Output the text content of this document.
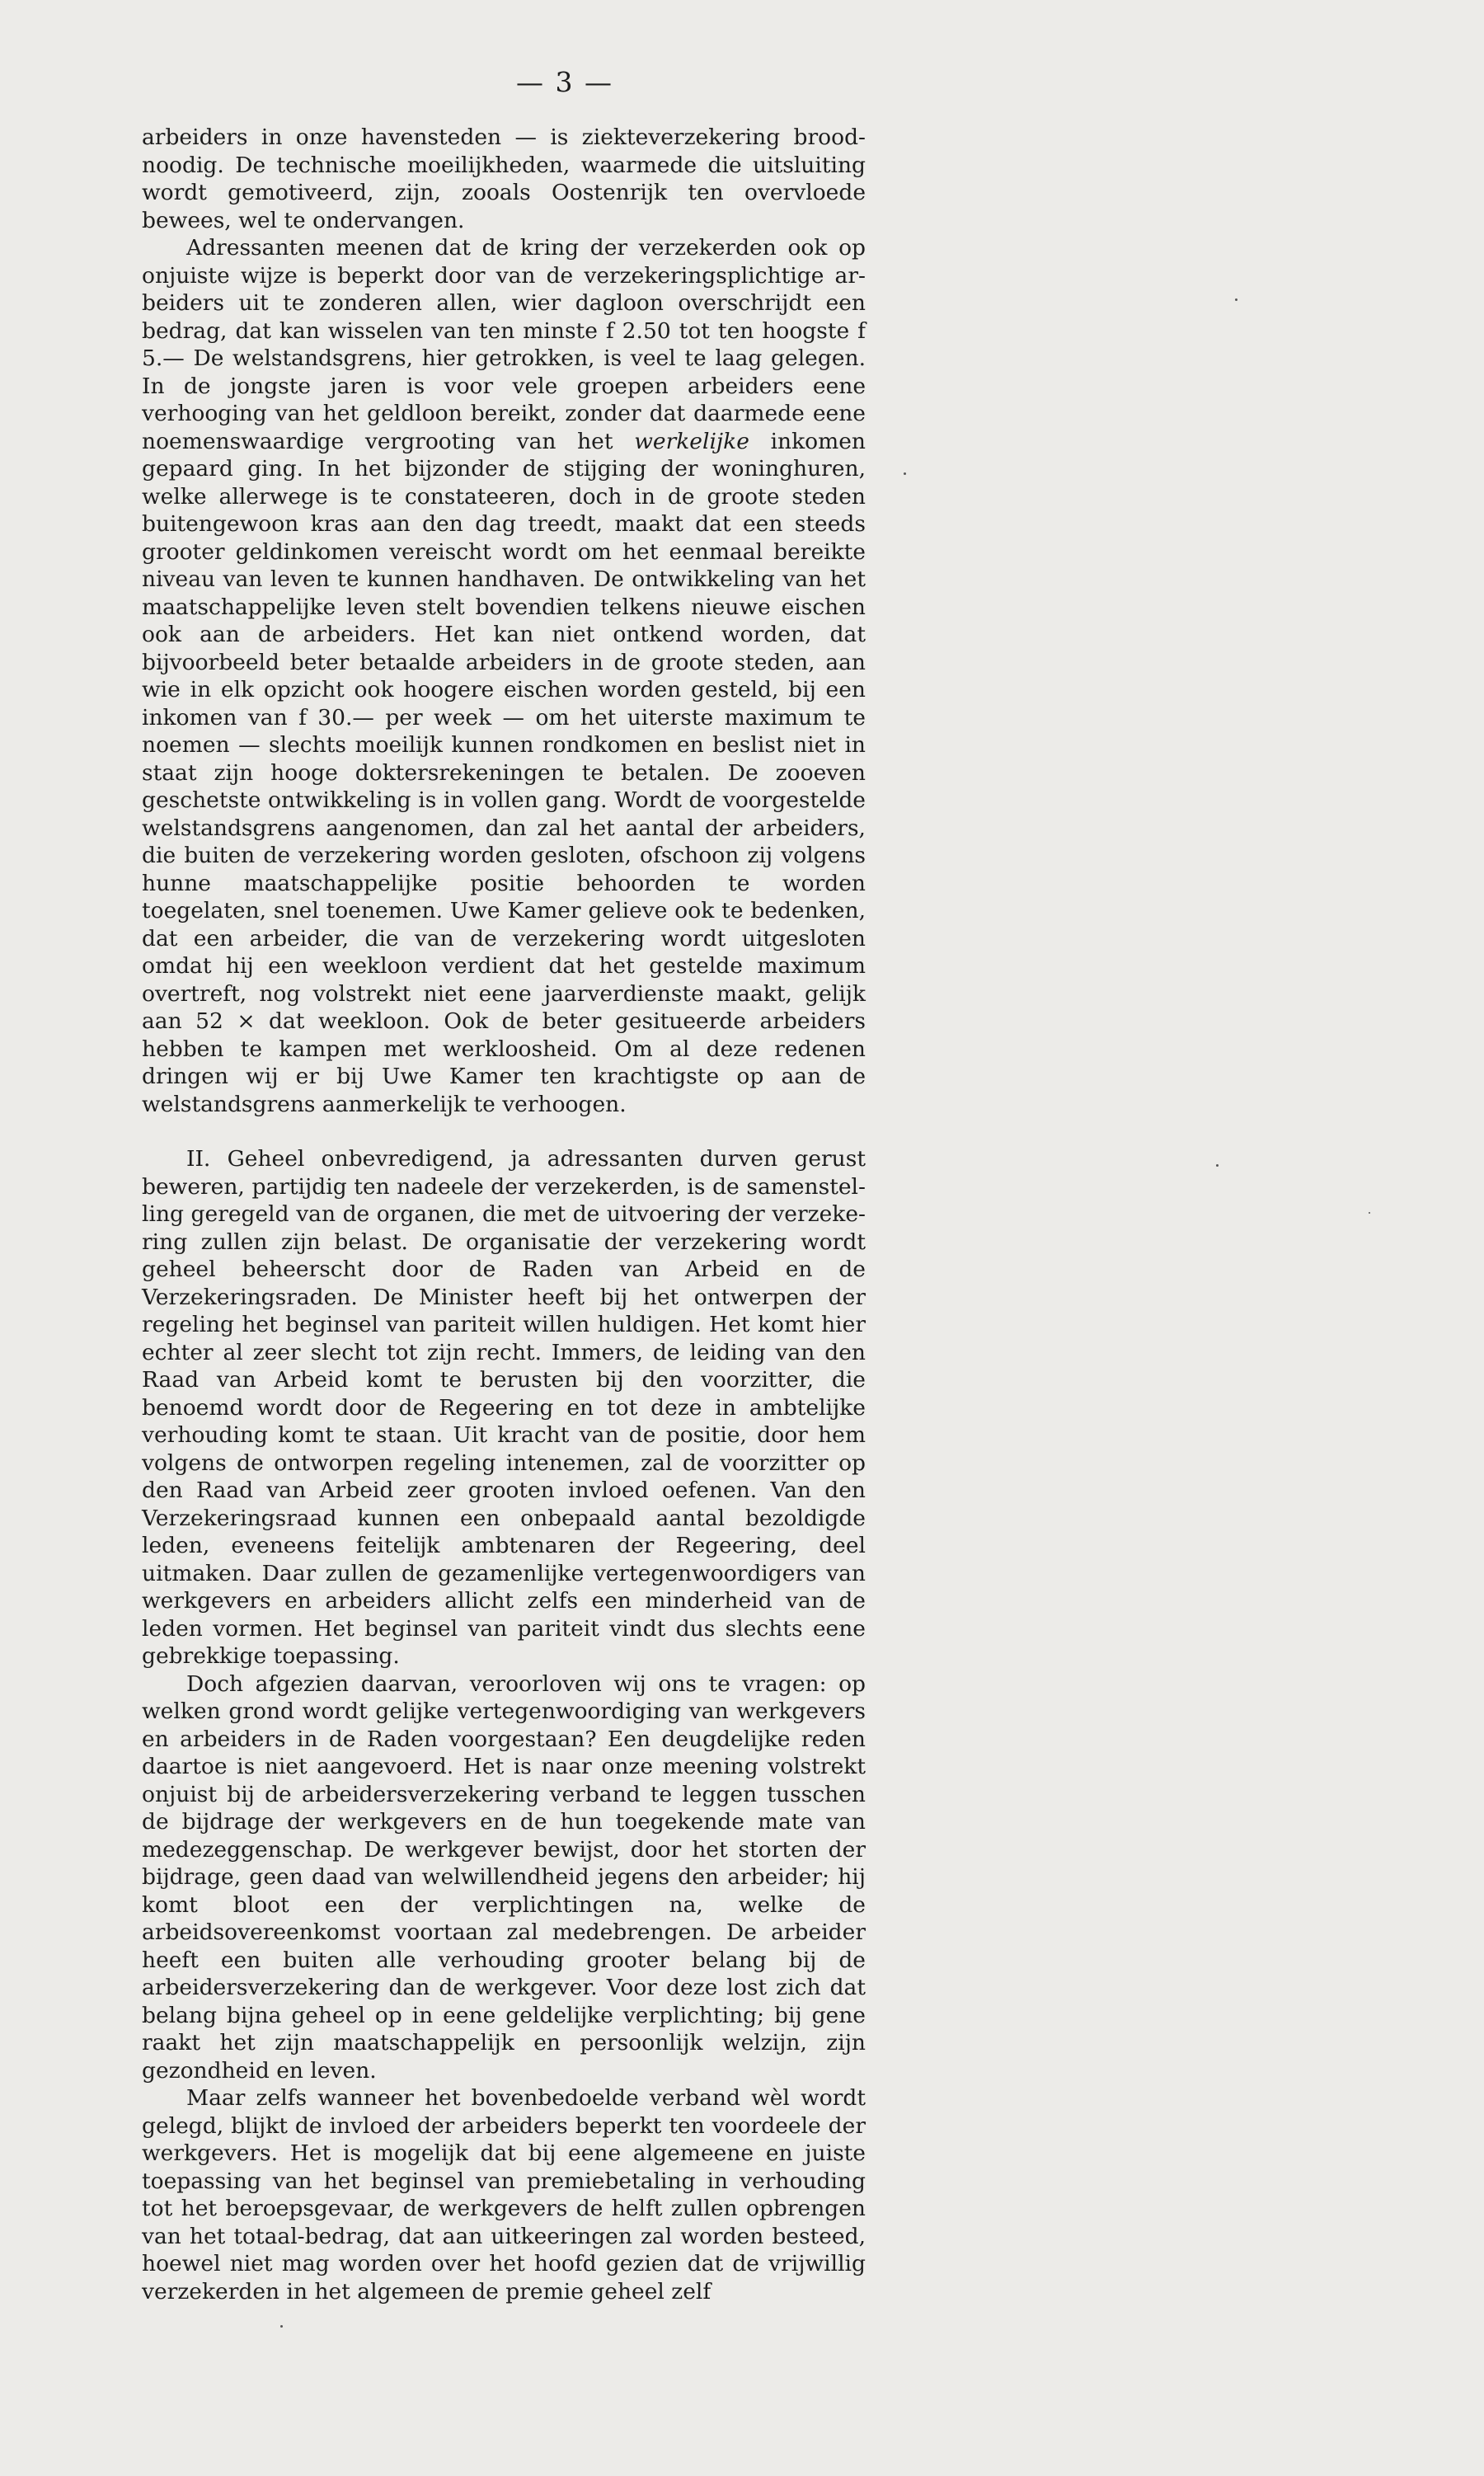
— 3 —

arbeiders in onze havensteden — is ziekteverzekering broodnoodig. De technische moeilijkheden, waarmede die uitsluiting wordt gemotiveerd, zijn, zooals Oostenrijk ten overvloede bewees, wel te ondervangen.

Adressanten meenen dat de kring der verzekerden ook op onjuiste wijze is beperkt door van de verzekeringsplichtige arbeiders uit te zonderen allen, wier dagloon overschrijdt een bedrag, dat kan wisselen van ten minste f 2.50 tot ten hoogste f 5.— De welstandsgrens, hier getrokken, is veel te laag gelegen. In de jongste jaren is voor vele groepen arbeiders eene verhooging van het geldloon bereikt, zonder dat daarmede eene noemenswaardige vergrooting van het werkelijke inkomen gepaard ging. In het bijzonder de stijging der woninghuren, welke allerwege is te constateeren, doch in de groote steden buitengewoon kras aan den dag treedt, maakt dat een steeds grooter geldinkomen vereischt wordt om het eenmaal bereikte niveau van leven te kunnen handhaven. De ontwikkeling van het maatschappelijke leven stelt bovendien telkens nieuwe eischen ook aan de arbeiders. Het kan niet ontkend worden, dat bijvoorbeeld beter betaalde arbeiders in de groote steden, aan wie in elk opzicht ook hoogere eischen worden gesteld, bij een inkomen van f 30.— per week — om het uiterste maximum te noemen — slechts moeilijk kunnen rondkomen en beslist niet in staat zijn hooge doktersrekeningen te betalen. De zooeven geschetste ontwikkeling is in vollen gang. Wordt de voorgestelde welstandsgrens aangenomen, dan zal het aantal der arbeiders, die buiten de verzekering worden gesloten, ofschoon zij volgens hunne maatschappelijke positie behoorden te worden toegelaten, snel toenemen. Uwe Kamer gelieve ook te bedenken, dat een arbeider, die van de verzekering wordt uitgesloten omdat hij een weekloon verdient dat het gestelde maximum overtreft, nog volstrekt niet eene jaarverdienste maakt, gelijk aan 52 × dat weekloon. Ook de beter gesitueerde arbeiders hebben te kampen met werkloosheid. Om al deze redenen dringen wij er bij Uwe Kamer ten krachtigste op aan de welstandsgrens aanmerkelijk te verhoogen.

II. Geheel onbevredigend, ja adressanten durven gerust beweren, partijdig ten nadeele der verzekerden, is de samenstelling geregeld van de organen, die met de uitvoering der verzekering zullen zijn belast. De organisatie der verzekering wordt geheel beheerscht door de Raden van Arbeid en de Verzekeringsraden. De Minister heeft bij het ontwerpen der regeling het beginsel van pariteit willen huldigen. Het komt hier echter al zeer slecht tot zijn recht. Immers, de leiding van den Raad van Arbeid komt te berusten bij den voorzitter, die benoemd wordt door de Regeering en tot deze in ambtelijke verhouding komt te staan. Uit kracht van de positie, door hem volgens de ontworpen regeling intenemen, zal de voorzitter op den Raad van Arbeid zeer grooten invloed oefenen. Van den Verzekeringsraad kunnen een onbepaald aantal bezoldigde leden, eveneens feitelijk ambtenaren der Regeering, deel uitmaken. Daar zullen de gezamenlijke vertegenwoordigers van werkgevers en arbeiders allicht zelfs een minderheid van de leden vormen. Het beginsel van pariteit vindt dus slechts eene gebrekkige toepassing.

Doch afgezien daarvan, veroorloven wij ons te vragen: op welken grond wordt gelijke vertegenwoordiging van werkgevers en arbeiders in de Raden voorgestaan? Een deugdelijke reden daartoe is niet aangevoerd. Het is naar onze meening volstrekt onjuist bij de arbeidersverzekering verband te leggen tusschen de bijdrage der werkgevers en de hun toegekende mate van medezeggenschap. De werkgever bewijst, door het storten der bijdrage, geen daad van welwillendheid jegens den arbeider; hij komt bloot een der verplichtingen na, welke de arbeidsovereenkomst voortaan zal medebrengen. De arbeider heeft een buiten alle verhouding grooter belang bij de arbeidersverzekering dan de werkgever. Voor deze lost zich dat belang bijna geheel op in eene geldelijke verplichting; bij gene raakt het zijn maatschappelijk en persoonlijk welzijn, zijn gezondheid en leven.

Maar zelfs wanneer het bovenbedoelde verband wèl wordt gelegd, blijkt de invloed der arbeiders beperkt ten voordeele der werkgevers. Het is mogelijk dat bij eene algemeene en juiste toepassing van het beginsel van premiebetaling in verhouding tot het beroepsgevaar, de werkgevers de helft zullen opbrengen van het totaal-bedrag, dat aan uitkeeringen zal worden besteed, hoewel niet mag worden over het hoofd gezien dat de vrijwillig verzekerden in het algemeen de premie geheel zelf
